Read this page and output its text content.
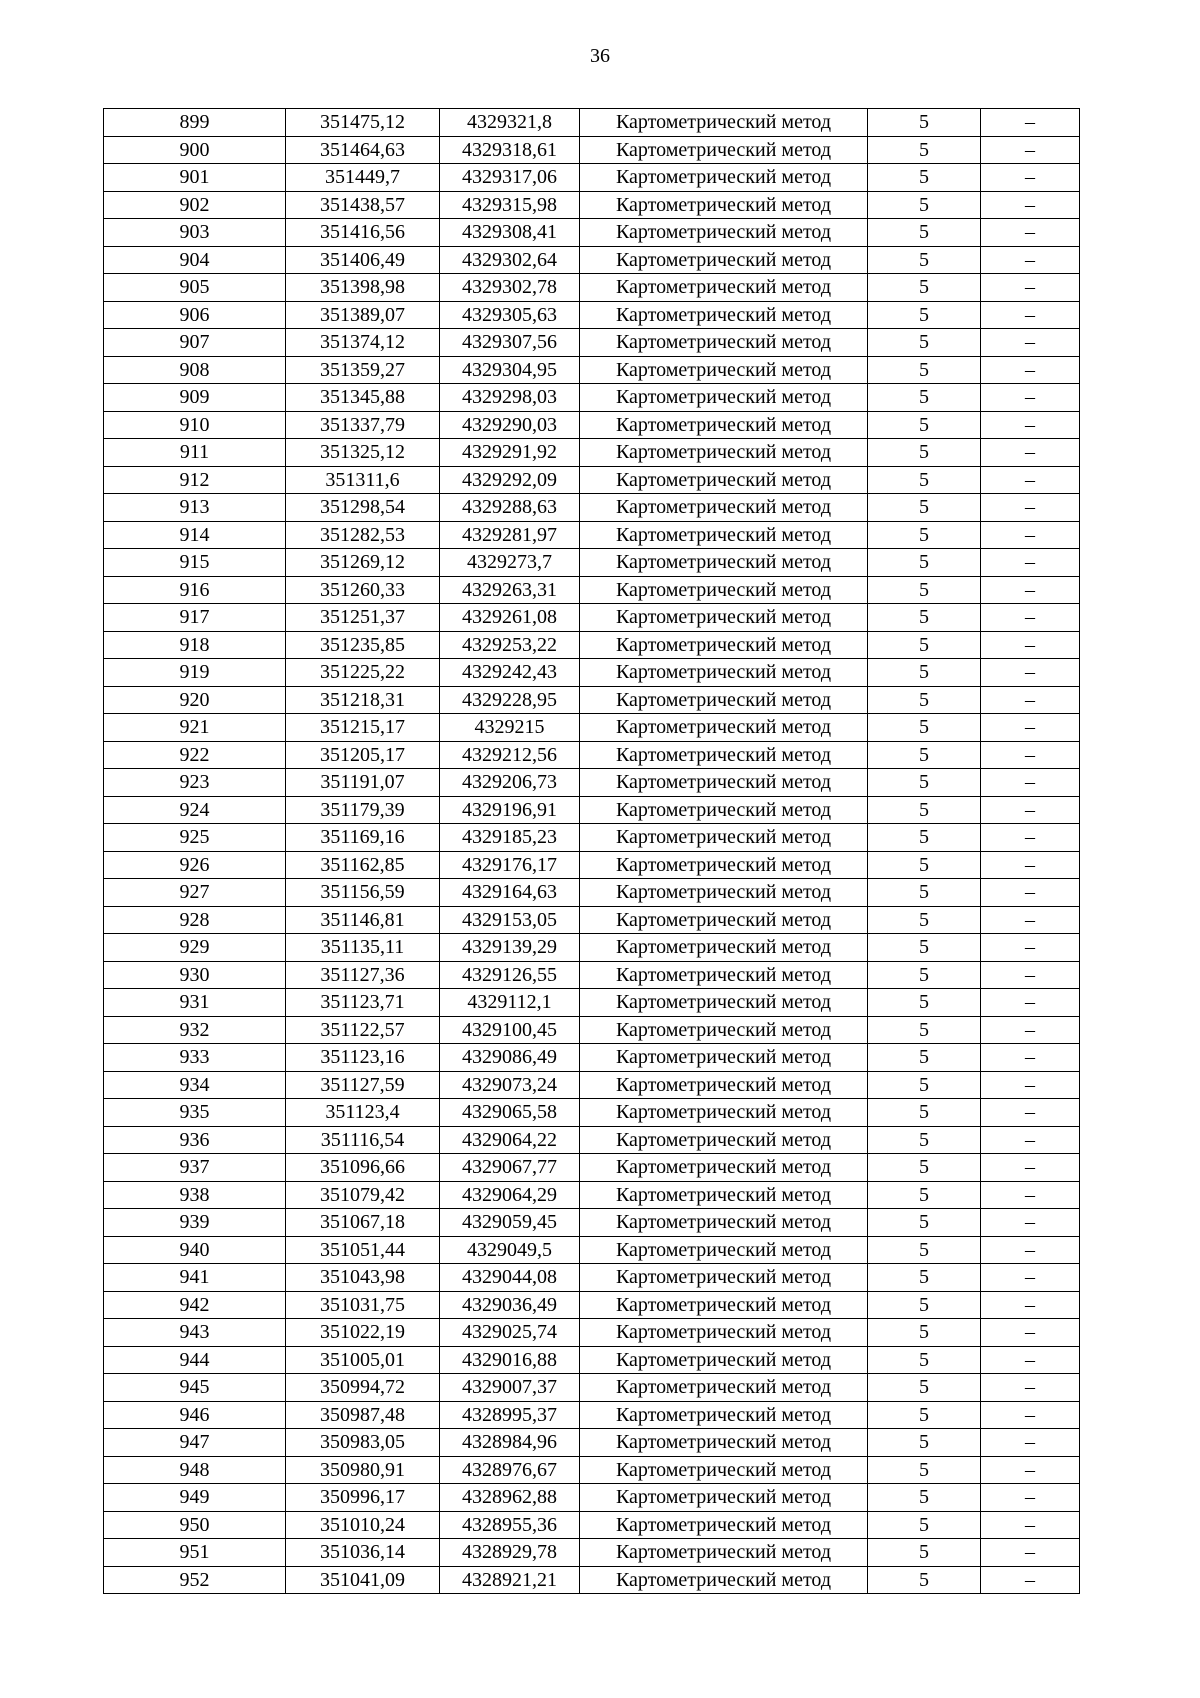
36
899	351475,12	4329321,8	Картометрический метод	5	–
900	351464,63	4329318,61	Картометрический метод	5	–
901	351449,7	4329317,06	Картометрический метод	5	–
902	351438,57	4329315,98	Картометрический метод	5	–
903	351416,56	4329308,41	Картометрический метод	5	–
904	351406,49	4329302,64	Картометрический метод	5	–
905	351398,98	4329302,78	Картометрический метод	5	–
906	351389,07	4329305,63	Картометрический метод	5	–
907	351374,12	4329307,56	Картометрический метод	5	–
908	351359,27	4329304,95	Картометрический метод	5	–
909	351345,88	4329298,03	Картометрический метод	5	–
910	351337,79	4329290,03	Картометрический метод	5	–
911	351325,12	4329291,92	Картометрический метод	5	–
912	351311,6	4329292,09	Картометрический метод	5	–
913	351298,54	4329288,63	Картометрический метод	5	–
914	351282,53	4329281,97	Картометрический метод	5	–
915	351269,12	4329273,7	Картометрический метод	5	–
916	351260,33	4329263,31	Картометрический метод	5	–
917	351251,37	4329261,08	Картометрический метод	5	–
918	351235,85	4329253,22	Картометрический метод	5	–
919	351225,22	4329242,43	Картометрический метод	5	–
920	351218,31	4329228,95	Картометрический метод	5	–
921	351215,17	4329215	Картометрический метод	5	–
922	351205,17	4329212,56	Картометрический метод	5	–
923	351191,07	4329206,73	Картометрический метод	5	–
924	351179,39	4329196,91	Картометрический метод	5	–
925	351169,16	4329185,23	Картометрический метод	5	–
926	351162,85	4329176,17	Картометрический метод	5	–
927	351156,59	4329164,63	Картометрический метод	5	–
928	351146,81	4329153,05	Картометрический метод	5	–
929	351135,11	4329139,29	Картометрический метод	5	–
930	351127,36	4329126,55	Картометрический метод	5	–
931	351123,71	4329112,1	Картометрический метод	5	–
932	351122,57	4329100,45	Картометрический метод	5	–
933	351123,16	4329086,49	Картометрический метод	5	–
934	351127,59	4329073,24	Картометрический метод	5	–
935	351123,4	4329065,58	Картометрический метод	5	–
936	351116,54	4329064,22	Картометрический метод	5	–
937	351096,66	4329067,77	Картометрический метод	5	–
938	351079,42	4329064,29	Картометрический метод	5	–
939	351067,18	4329059,45	Картометрический метод	5	–
940	351051,44	4329049,5	Картометрический метод	5	–
941	351043,98	4329044,08	Картометрический метод	5	–
942	351031,75	4329036,49	Картометрический метод	5	–
943	351022,19	4329025,74	Картометрический метод	5	–
944	351005,01	4329016,88	Картометрический метод	5	–
945	350994,72	4329007,37	Картометрический метод	5	–
946	350987,48	4328995,37	Картометрический метод	5	–
947	350983,05	4328984,96	Картометрический метод	5	–
948	350980,91	4328976,67	Картометрический метод	5	–
949	350996,17	4328962,88	Картометрический метод	5	–
950	351010,24	4328955,36	Картометрический метод	5	–
951	351036,14	4328929,78	Картометрический метод	5	–
952	351041,09	4328921,21	Картометрический метод	5	–
